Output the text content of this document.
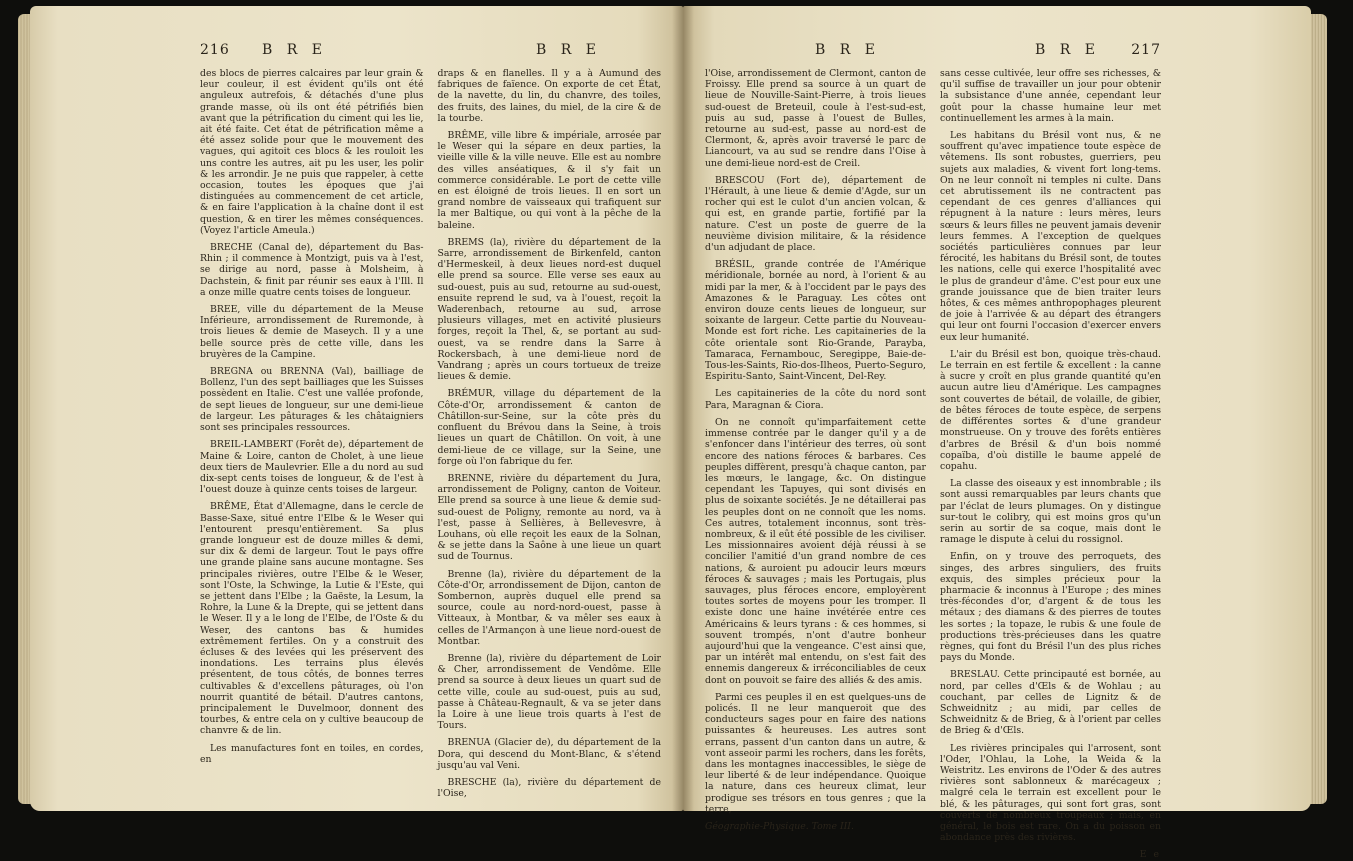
216 B R E	B R E

des blocs de pierres calcaires par leur grain & leur couleur, il est évident qu'ils ont été anguleux autrefois, & détachés d'une plus grande masse, où ils ont été pétrifiés bien avant que la pétrification du ciment qui les lie, ait été faite. Cet état de pétrification même a été assez solide pour que le mouvement des vagues, qui agitoit ces blocs & les rouloit les uns contre les autres, ait pu les user, les polir & les arrondir. Je ne puis que rappeler, à cette occasion, toutes les époques que j'ai distinguées au commencement de cet article, & en faire l'application à la chaîne dont il est question, & en tirer les mêmes conséquences. (Voyez l'article Ameula.)

BRECHE (Canal de), département du Bas-Rhin ; il commence à Montzigt, puis va à l'est, se dirige au nord, passe à Molsheim, à Dachstein, & finit par réunir ses eaux à l'Ill. Il a onze mille quatre cents toises de longueur.

BREE, ville du département de la Meuse Inférieure, arrondissement de Ruremonde, à trois lieues & demie de Maseych. Il y a une belle source près de cette ville, dans les bruyères de la Campine.

BREGNA ou BRENNA (Val), bailliage de Bollenz, l'un des sept bailliages que les Suisses possèdent en Italie. C'est une vallée profonde, de sept lieues de longueur, sur une demi-lieue de largeur. Les pâturages & les châtaigniers sont ses principales ressources.

BREIL-LAMBERT (Forêt de), département de Maine & Loire, canton de Cholet, à une lieue deux tiers de Maulevrier. Elle a du nord au sud dix-sept cents toises de longueur, & de l'est à l'ouest douze à quinze cents toises de largeur.

BRÊME, État d'Allemagne, dans le cercle de Basse-Saxe, situé entre l'Elbe & le Weser qui l'entourent presqu'entièrement. Sa plus grande longueur est de douze milles & demi, sur dix & demi de largeur. Tout le pays offre une grande plaine sans aucune montagne. Ses principales rivières, outre l'Elbe & le Weser, sont l'Oste, la Schwinge, la Lutie & l'Este, qui se jettent dans l'Elbe ; la Gaëste, la Lesum, la Rohre, la Lune & la Drepte, qui se jettent dans le Weser. Il y a le long de l'Elbe, de l'Oste & du Weser, des cantons bas & humides extrêmement fertiles. On y a construit des écluses & des levées qui les préservent des inondations. Les terrains plus élevés présentent, de tous côtés, de bonnes terres cultivables & d'excellens pâturages, où l'on nourrit quantité de bétail. D'autres cantons, principalement le Duvelmoor, donnent des tourbes, & entre cela on y cultive beaucoup de chanvre & de lin.

Les manufactures font en toiles, en cordes, en

draps & en flanelles. Il y a à Aumund des fabriques de faïence. On exporte de cet État, de la navette, du lin, du chanvre, des toiles, des fruits, des laines, du miel, de la cire & de la tourbe.

BRÊME, ville libre & impériale, arrosée par le Weser qui la sépare en deux parties, la vieille ville & la ville neuve. Elle est au nombre des villes anséatiques, & il s'y fait un commerce considérable. Le port de cette ville en est éloigné de trois lieues. Il en sort un grand nombre de vaisseaux qui trafiquent sur la mer Baltique, ou qui vont à la pêche de la baleine.

BREMS (la), rivière du département de la Sarre, arrondissement de Birkenfeld, canton d'Hermeskeil, à deux lieues nord-est duquel elle prend sa source. Elle verse ses eaux au sud-ouest, puis au sud, retourne au sud-ouest, ensuite reprend le sud, va à l'ouest, reçoit la Waderenbach, retourne au sud, arrose plusieurs villages, met en activité plusieurs forges, reçoit la Thel, &, se portant au sud-ouest, va se rendre dans la Sarre à Rockersbach, à une demi-lieue nord de Vandrang ; après un cours tortueux de treize lieues & demie.

BRÉMUR, village du département de la Côte-d'Or, arrondissement & canton de Châtillon-sur-Seine, sur la côte près du confluent du Brévou dans la Seine, à trois lieues un quart de Châtillon. On voit, à une demi-lieue de ce village, sur la Seine, une forge où l'on fabrique du fer.

BRENNE, rivière du département du Jura, arrondissement de Poligny, canton de Voiteur. Elle prend sa source à une lieue & demie sud-sud-ouest de Poligny, remonte au nord, va à l'est, passe à Sellières, à Bellevesvre, à Louhans, où elle reçoit les eaux de la Solnan, & se jette dans la Saône à une lieue un quart sud de Tournus.

Brenne (la), rivière du département de la Côte-d'Or, arrondissement de Dijon, canton de Sombernon, auprès duquel elle prend sa source, coule au nord-nord-ouest, passe à Vitteaux, à Montbar, & va mêler ses eaux à celles de l'Armançon à une lieue nord-ouest de Montbar.

Brenne (la), rivière du département de Loir & Cher, arrondissement de Vendôme. Elle prend sa source à deux lieues un quart sud de cette ville, coule au sud-ouest, puis au sud, passe à Château-Regnault, & va se jeter dans la Loire à une lieue trois quarts à l'est de Tours.

BRENUA (Glacier de), du département de la Dora, qui descend du Mont-Blanc, & s'étend jusqu'au val Veni.

BRESCHE (la), rivière du département de l'Oise,

B R E	B R E 217

l'Oise, arrondissement de Clermont, canton de Froissy. Elle prend sa source à un quart de lieue de Nouville-Saint-Pierre, à trois lieues sud-ouest de Breteuil, coule à l'est-sud-est, puis au sud, passe à l'ouest de Bulles, retourne au sud-est, passe au nord-est de Clermont, &, après avoir traversé le parc de Liancourt, va au sud se rendre dans l'Oise à une demi-lieue nord-est de Creil.

BRESCOU (Fort de), département de l'Hérault, à une lieue & demie d'Agde, sur un rocher qui est le culot d'un ancien volcan, & qui est, en grande partie, fortifié par la nature. C'est un poste de guerre de la neuvième division militaire, & la résidence d'un adjudant de place.

BRÉSIL, grande contrée de l'Amérique méridionale, bornée au nord, à l'orient & au midi par la mer, & à l'occident par le pays des Amazones & le Paraguay. Les côtes ont environ douze cents lieues de longueur, sur soixante de largeur. Cette partie du Nouveau-Monde est fort riche. Les capitaineries de la côte orientale sont Rio-Grande, Parayba, Tamaraca, Fernambouc, Seregippe, Baie-de-Tous-les-Saints, Rio-dos-Ilheos, Puerto-Seguro, Espiritu-Santo, Saint-Vincent, Del-Rey.

Les capitaineries de la côte du nord sont Para, Maragnan & Ciora.

On ne connoît qu'imparfaitement cette immense contrée par le danger qu'il y a de s'enfoncer dans l'intérieur des terres, où sont encore des nations féroces & barbares. Ces peuples diffèrent, presqu'à chaque canton, par les mœurs, le langage, &c. On distingue cependant les Tapuyes, qui sont divisés en plus de soixante sociétés. Je ne détaillerai pas les peuples dont on ne connoît que les noms. Ces autres, totalement inconnus, sont très-nombreux, & il eût été possible de les civiliser. Les missionnaires avoient déjà réussi à se concilier l'amitié d'un grand nombre de ces nations, & auroient pu adoucir leurs mœurs féroces & sauvages ; mais les Portugais, plus sauvages, plus féroces encore, employèrent toutes sortes de moyens pour les tromper. Il existe donc une haine invétérée entre ces Américains & leurs tyrans : & ces hommes, si souvent trompés, n'ont d'autre bonheur aujourd'hui que la vengeance. C'est ainsi que, par un intérêt mal entendu, on s'est fait des ennemis dangereux & irréconciliables de ceux dont on pouvoit se faire des alliés & des amis.

Parmi ces peuples il en est quelques-uns de policés. Il ne leur manqueroit que des conducteurs sages pour en faire des nations puissantes & heureuses. Les autres sont errans, passent d'un canton dans un autre, & vont asseoir parmi les rochers, dans les forêts, dans les montagnes inaccessibles, le siège de leur liberté & de leur indépendance. Quoique la nature, dans ces heureux climat, leur prodigue ses trésors en tous genres ; que la terre,

Géographie-Physique. Tome III.

sans cesse cultivée, leur offre ses richesses, & qu'il suffise de travailler un jour pour obtenir la subsistance d'une année, cependant leur goût pour la chasse humaine leur met continuellement les armes à la main.

Les habitans du Brésil vont nus, & ne souffrent qu'avec impatience toute espèce de vêtemens. Ils sont robustes, guerriers, peu sujets aux maladies, & vivent fort long-tems. On ne leur connoît ni temples ni culte. Dans cet abrutissement ils ne contractent pas cependant de ces genres d'alliances qui répugnent à la nature : leurs mères, leurs sœurs & leurs filles ne peuvent jamais devenir leurs femmes. A l'exception de quelques sociétés particulières connues par leur férocité, les habitans du Brésil sont, de toutes les nations, celle qui exerce l'hospitalité avec le plus de grandeur d'âme. C'est pour eux une grande jouissance que de bien traiter leurs hôtes, & ces mêmes anthropophages pleurent de joie à l'arrivée & au départ des étrangers qui leur ont fourni l'occasion d'exercer envers eux leur humanité.

L'air du Brésil est bon, quoique très-chaud. Le terrain en est fertile & excellent : la canne à sucre y croît en plus grande quantité qu'en aucun autre lieu d'Amérique. Les campagnes sont couvertes de bétail, de volaille, de gibier, de bêtes féroces de toute espèce, de serpens de différentes sortes & d'une grandeur monstrueuse. On y trouve des forêts entières d'arbres de Brésil & d'un bois nommé copaïba, d'où distille le baume appelé de copahu.

La classe des oiseaux y est innombrable ; ils sont aussi remarquables par leurs chants que par l'éclat de leurs plumages. On y distingue sur-tout le colibry, qui est moins gros qu'un serin au sortir de sa coque, mais dont le ramage le dispute à celui du rossignol.

Enfin, on y trouve des perroquets, des singes, des arbres singuliers, des fruits exquis, des simples précieux pour la pharmacie & inconnus à l'Europe ; des mines très-fécondes d'or, d'argent & de tous les métaux ; des diamans & des pierres de toutes les sortes ; la topaze, le rubis & une foule de productions très-précieuses dans les quatre règnes, qui font du Brésil l'un des plus riches pays du Monde.

BRESLAU. Cette principauté est bornée, au nord, par celles d'Œls & de Wohlau ; au couchant, par celles de Lignitz & de Schweidnitz ; au midi, par celles de Schweidnitz & de Brieg, & à l'orient par celles de Brieg & d'Œls.

Les rivières principales qui l'arrosent, sont l'Oder, l'Ohlau, la Lohe, la Weida & la Weistritz. Les environs de l'Oder & des autres rivières sont sablonneux & marécageux ; malgré cela le terrain est excellent pour le blé, & les pâturages, qui sont fort gras, sont couverts de nombreux troupeaux ; mais, en général, le bois est rare. On a du poisson en abondance près des rivières.

E e
